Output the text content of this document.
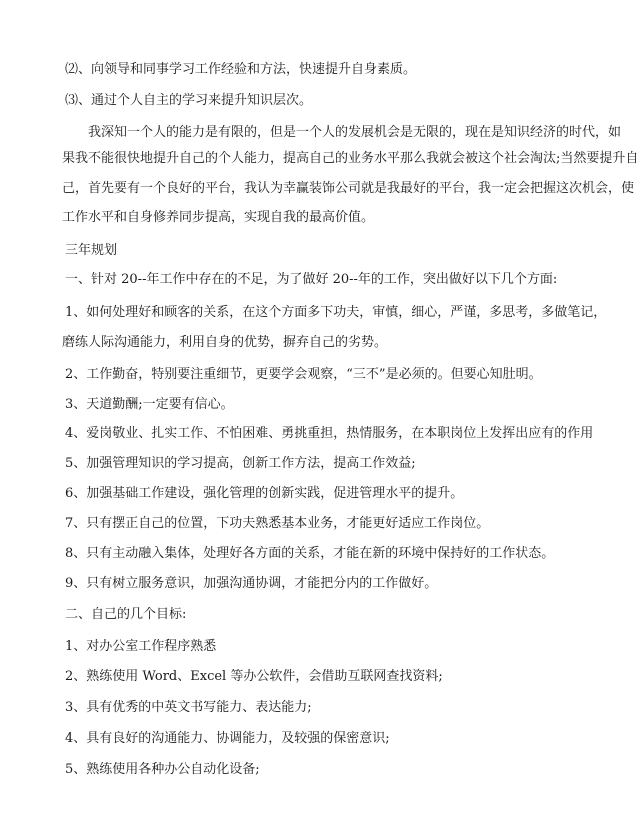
⑵、向领导和同事学习工作经验和方法，快速提升自身素质。
⑶、通过个人自主的学习来提升知识层次。
我深知一个人的能力是有限的，但是一个人的发展机会是无限的，现在是知识经济的时代，如
果我不能很快地提升自己的个人能力，提高自己的业务水平那么我就会被这个社会淘汰;当然要提升自
己，首先要有一个良好的平台，我认为幸赢装饰公司就是我最好的平台，我一定会把握这次机会，使
工作水平和自身修养同步提高，实现自我的最高价值。
三年规划
一、针对 20--年工作中存在的不足，为了做好 20--年的工作，突出做好以下几个方面:
1、如何处理好和顾客的关系，在这个方面多下功夫，审慎，细心，严谨，多思考，多做笔记，
磨练人际沟通能力，利用自身的优势，摒弃自己的劣势。
2、工作勤奋，特别要注重细节，更要学会观察，“三不”是必须的。但要心知肚明。
3、天道勤酬;一定要有信心。
4、爱岗敬业、扎实工作、不怕困难、勇挑重担，热情服务，在本职岗位上发挥出应有的作用
5、加强管理知识的学习提高，创新工作方法，提高工作效益;
6、加强基础工作建设，强化管理的创新实践，促进管理水平的提升。
7、只有摆正自己的位置，下功夫熟悉基本业务，才能更好适应工作岗位。
8、只有主动融入集体，处理好各方面的关系，才能在新的环境中保持好的工作状态。
9、只有树立服务意识，加强沟通协调，才能把分内的工作做好。
二、自己的几个目标:
1、对办公室工作程序熟悉
2、熟练使用 Word、Excel 等办公软件，会借助互联网查找资料;
3、具有优秀的中英文书写能力、表达能力;
4、具有良好的沟通能力、协调能力，及较强的保密意识;
5、熟练使用各种办公自动化设备;
